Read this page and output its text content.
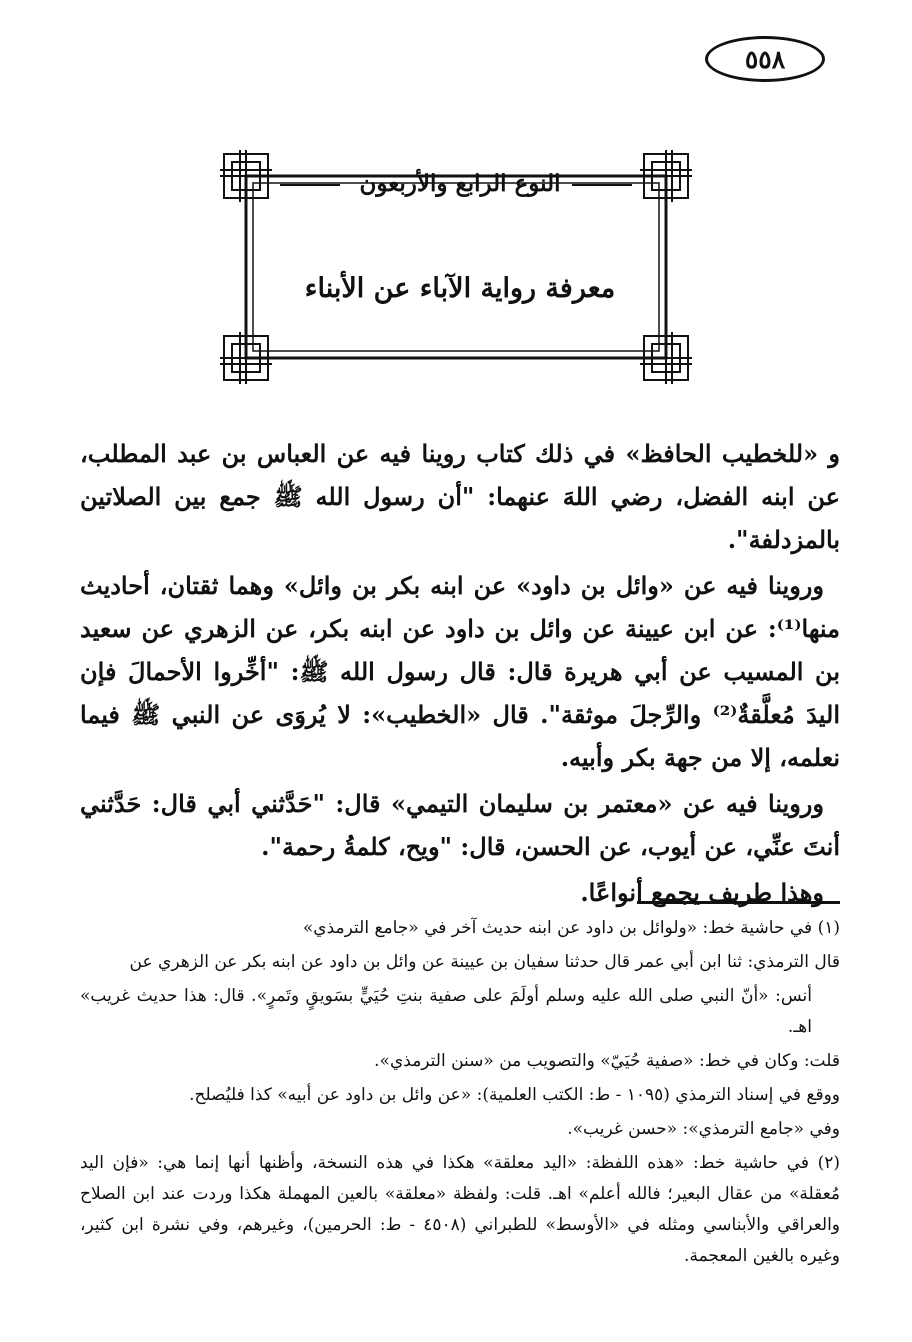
٥٥٨
النوع الرابع والأربعون
معرفة رواية الآباء عن الأبناء

و «للخطيب الحافظ» في ذلك كتاب روينا فيه عن العباس بن عبد المطلب، عن ابنه الفضل، رضي اللهَ عنهما: "أن رسول الله ﷺ جمع بين الصلاتين بالمزدلفة".

وروينا فيه عن «وائل بن داود» عن ابنه بكر بن وائل» وهما ثقتان، أحاديث منها⁽¹⁾: عن ابن عيينة عن وائل بن داود عن ابنه بكر، عن الزهري عن سعيد بن المسيب عن أبي هريرة قال: قال رسول الله ﷺ: "أخِّروا الأحمالَ فإن اليدَ مُعلَّقةٌ⁽²⁾ والرِّجلَ موثقة". قال «الخطيب»: لا يُروَى عن النبي ﷺ فيما نعلمه، إلا من جهة بكر وأبيه.

وروينا فيه عن «معتمر بن سليمان التيمي» قال: "حَدَّثني أبي قال: حَدَّثني أنتَ عنِّي، عن أيوب، عن الحسن، قال: "ويح، كلمةُ رحمة".

وهذا طريف يجمع أنواعًا.

(١) في حاشية خط: «ولوائل بن داود عن ابنه حديث آخر في «جامع الترمذي»

قال الترمذي: ثنا ابن أبي عمر قال حدثنا سفيان بن عيينة عن وائل بن داود عن ابنه بكر عن الزهري عن

أنس: «أنّ النبي صلى الله عليه وسلم أولَمَ على صفية بنتِ حُيَيٍّ بسَويقٍ وتَمرٍ». قال: هذا حديث غريب» اهـ.

قلت: وكان في خط: «صفية حُيَيّ» والتصويب من «سنن الترمذي».

ووقع في إسناد الترمذي (١٠٩٥ - ط: الكتب العلمية): «عن وائل بن داود عن أبيه» كذا فليُصلح.

وفي «جامع الترمذي»: «حسن غريب».

(٢) في حاشية خط: «هذه اللفظة: «اليد معلقة» هكذا في هذه النسخة، وأظنها أنها إنما هي: «فإن اليد مُعقلة» من عقال البعير؛ فالله أعلم» اهـ. قلت: ولفظة «معلقة» بالعين المهملة هكذا وردت عند ابن الصلاح والعراقي والأبناسي ومثله في «الأوسط» للطبراني (٤٥٠٨ - ط: الحرمين)، وغيرهم، وفي نشرة ابن كثير، وغيره بالغين المعجمة.
